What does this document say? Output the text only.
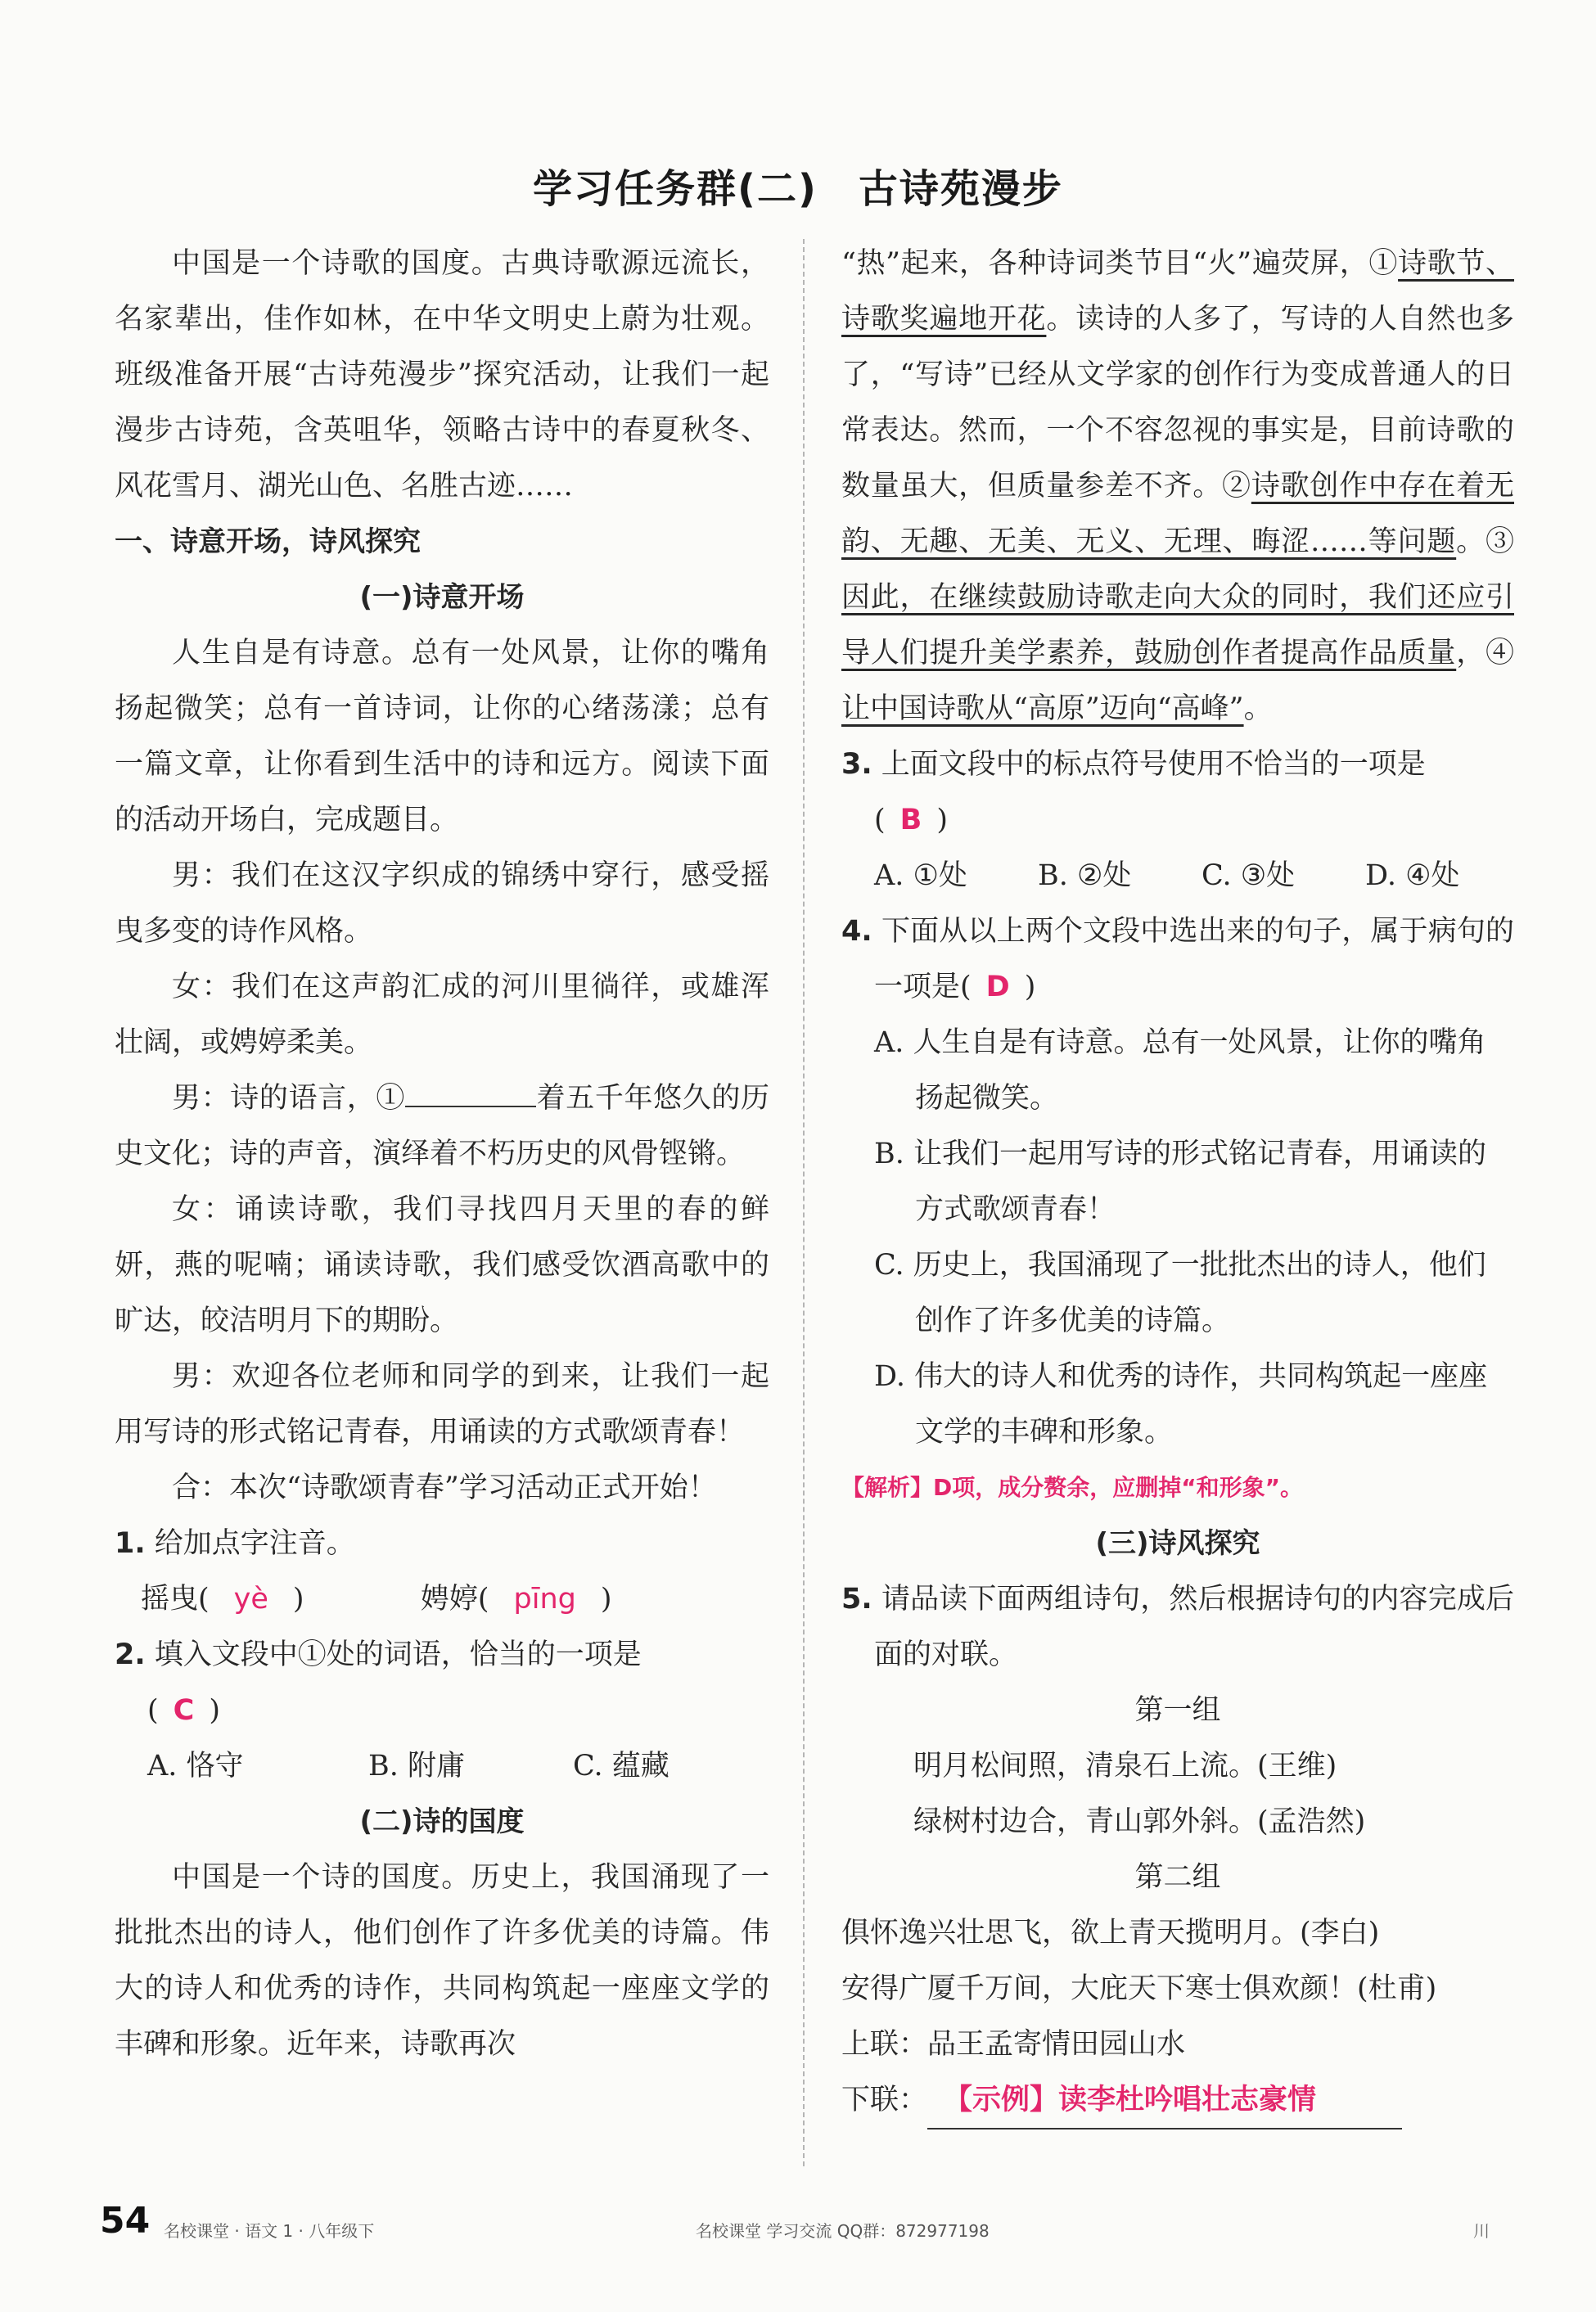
学习任务群(二)　古诗苑漫步

中国是一个诗歌的国度。古典诗歌源远流长，名家辈出，佳作如林，在中华文明史上蔚为壮观。班级准备开展“古诗苑漫步”探究活动，让我们一起漫步古诗苑，含英咀华，领略古诗中的春夏秋冬、风花雪月、湖光山色、名胜古迹……

一、诗意开场，诗风探究

(一)诗意开场

人生自是有诗意。总有一处风景，让你的嘴角扬起微笑；总有一首诗词，让你的心绪荡漾；总有一篇文章，让你看到生活中的诗和远方。阅读下面的活动开场白，完成题目。

男：我们在这汉字织成的锦绣中穿行，感受摇曳多变的诗作风格。

女：我们在这声韵汇成的河川里徜徉，或雄浑壮阔，或娉婷柔美。

男：诗的语言，①	着五千年悠久的历史文化；诗的声音，演绎着不朽历史的风骨铿锵。

女：诵读诗歌，我们寻找四月天里的春的鲜妍，燕的呢喃；诵读诗歌，我们感受饮酒高歌中的旷达，皎洁明月下的期盼。

男：欢迎各位老师和同学的到来，让我们一起用写诗的形式铭记青春，用诵读的方式歌颂青春！

合：本次“诗歌颂青春”学习活动正式开始！

1. 给加点字注音。

摇曳( yè )	娉婷( pīng )

2. 填入文段中①处的词语，恰当的一项是

( C )

A. 恪守	B. 附庸	C. 蕴藏

(二)诗的国度

中国是一个诗的国度。历史上，我国涌现了一批批杰出的诗人，他们创作了许多优美的诗篇。伟大的诗人和优秀的诗作，共同构筑起一座座文学的丰碑和形象。近年来，诗歌再次

“热”起来，各种诗词类节目“火”遍荧屏，①诗歌节、诗歌奖遍地开花。读诗的人多了，写诗的人自然也多了，“写诗”已经从文学家的创作行为变成普通人的日常表达。然而，一个不容忽视的事实是，目前诗歌的数量虽大，但质量参差不齐。②诗歌创作中存在着无韵、无趣、无美、无义、无理、晦涩……等问题。③因此，在继续鼓励诗歌走向大众的同时，我们还应引导人们提升美学素养，鼓励创作者提高作品质量，④让中国诗歌从“高原”迈向“高峰”。

3. 上面文段中的标点符号使用不恰当的一项是

( B )

A. ①处	B. ②处	C. ③处	D. ④处

4. 下面从以上两个文段中选出来的句子，属于病句的一项是( D )

A. 人生自是有诗意。总有一处风景，让你的嘴角扬起微笑。
B. 让我们一起用写诗的形式铭记青春，用诵读的方式歌颂青春！
C. 历史上，我国涌现了一批批杰出的诗人，他们创作了许多优美的诗篇。
D. 伟大的诗人和优秀的诗作，共同构筑起一座座文学的丰碑和形象。

【解析】D项，成分赘余，应删掉“和形象”。

(三)诗风探究

5. 请品读下面两组诗句，然后根据诗句的内容完成后面的对联。

第一组

明月松间照，清泉石上流。(王维)

绿树村边合，青山郭外斜。(孟浩然)

第二组

俱怀逸兴壮思飞，欲上青天揽明月。(李白)

安得广厦千万间，大庇天下寒士俱欢颜！(杜甫)

上联：品王孟寄情田园山水

下联： 【示例】读李杜吟唱壮志豪情

54 名校课堂 · 语文 1 · 八年级下	名校课堂 学习交流 QQ群：872977198	川
